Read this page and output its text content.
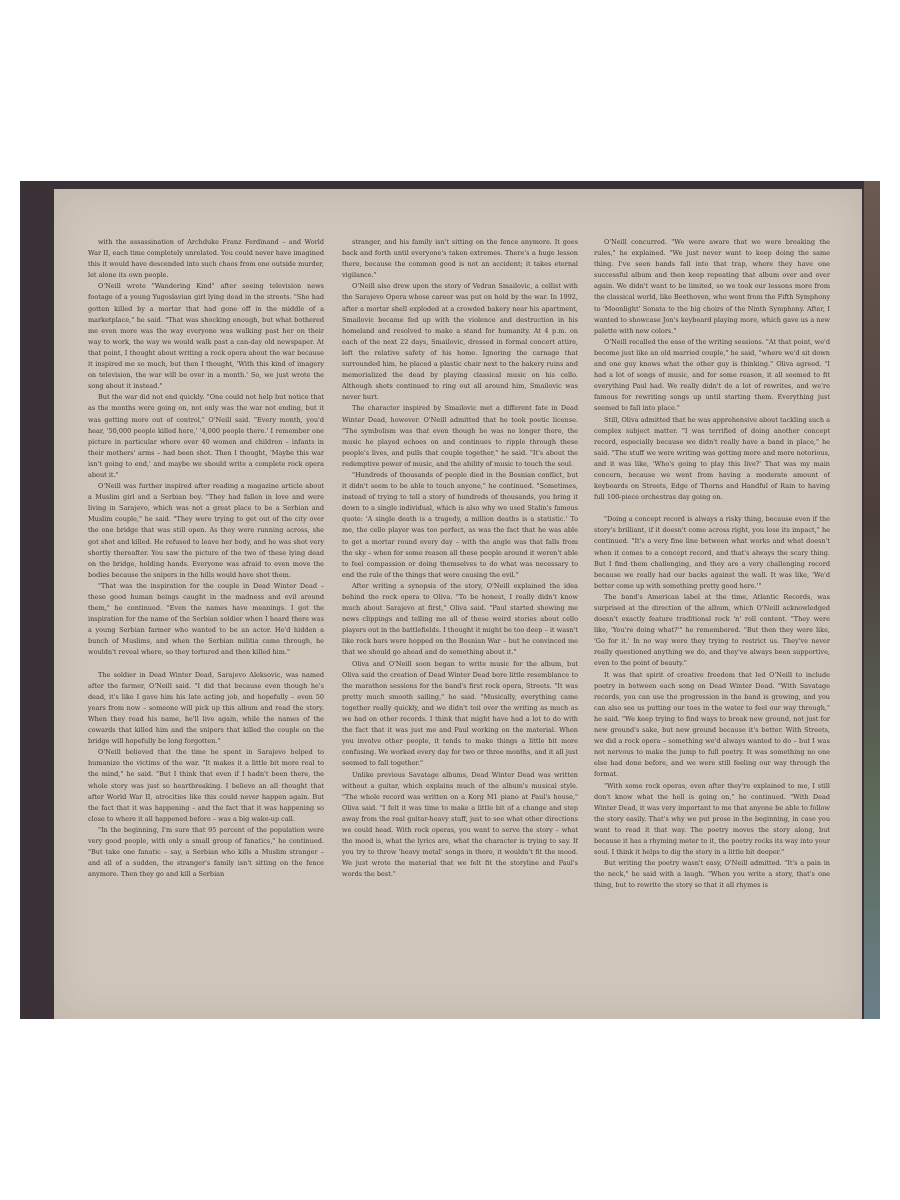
with the assassination of Archduke Franz Ferdinand – and World War II, each time completely unrelated. You could never have imagined this it would have descended into such chaos from one outside murder, let alone its own people.

O'Neill wrote "Wandering Kind" after seeing television news footage of a young Yugoslavian girl lying dead in the streets. "She had gotten killed by a mortar that had gone off in the middle of a marketplace," he said. "That was shocking enough, but what bothered me even more was the way everyone was walking past her on their way to work, the way we would walk past a can-day old newspaper. At that point, I thought about writing a rock opera about the war because it inspired me so much, but then I thought, 'With this kind of imagery on television, the war will be over in a month.' So, we just wrote the song about it instead."

But the war did not end quickly. "One could not help but notice that as the months were going on, not only was the war not ending, but it was getting more out of control," O'Neill said. "Every month, you'd hear, '50,000 people killed here,' '4,000 people there.' I remember one picture in particular where over 40 women and children – infants in their mothers' arms – had been shot. Then I thought, 'Maybe this war isn't going to end,' and maybe we should write a complete rock opera about it."

O'Neill was further inspired after reading a magazine article about a Muslim girl and a Serbian boy. "They had fallen in love and were living in Sarajevo, which was not a great place to be a Serbian and Muslim couple," he said. "They were trying to get out of the city over the one bridge that was still open. As they were running across, she got shot and killed. He refused to leave her body, and he was shot very shortly thereafter. You saw the picture of the two of these lying dead on the bridge, holding hands. Everyone was afraid to even move the bodies because the snipers in the hills would have shot them.

"That was the inspiration for the couple in Dead Winter Dead – these good human beings caught in the madness and evil around them," he continued. "Even the names have meanings. I got the inspiration for the name of the Serbian soldier when I heard there was a young Serbian farmer who wanted to be an actor. He'd hidden a bunch of Muslims, and when the Serbian militia came through, he wouldn't reveal where, so they tortured and then killed him."

The soldier in Dead Winter Dead, Sarajevo Aleksovic, was named after the farmer, O'Neill said. "I did that because even though he's dead, it's like I gave him his late acting job, and hopefully – even 50 years from now – someone will pick up this album and read the story. When they read his name, he'll live again, while the names of the cowards that killed him and the snipers that killed the couple on the bridge will hopefully be long forgotten."

O'Neill believed that the time he spent in Sarajevo helped to humanize the victims of the war. "It makes it a little bit more real to the mind," he said. "But I think that even if I hadn't been there, the whole story was just so heartbreaking. I believe an all thought that after World War II, atrocities like this could never happen again. But the fact that it was happening – and the fact that it was happening so close to where it all happened before – was a big wake-up call.

"In the beginning, I'm sure that 95 percent of the population were very good people, with only a small group of fanatics," he continued. "But take one fanatic – say, a Serbian who kills a Muslim stranger – and all of a sudden, the stranger's family isn't sitting on the fence anymore. Then they go and kill a Serbian

stranger, and his family isn't sitting on the fence anymore. It goes back and forth until everyone's taken extremes. There's a huge lesson there, because the common good is not an accident; it takes eternal vigilance."

O'Neill also drew upon the story of Vedran Smailovic, a cellist with the Sarajevo Opera whose career was put on hold by the war. In 1992, after a mortar shell exploded at a crowded bakery near his apartment, Smailovic became fed up with the violence and destruction in his homeland and resolved to make a stand for humanity. At 4 p.m. on each of the next 22 days, Smailovic, dressed in formal concert attire, left the relative safety of his home. Ignoring the carnage that surrounded him, he placed a plastic chair next to the bakery ruins and memorialized the dead by playing classical music on his cello. Although shots continued to ring out all around him, Smailovic was never hurt.

The character inspired by Smailovic met a different fate in Dead Winter Dead, however. O'Neill admitted that he took poetic license. "The symbolism was that even though he was no longer there, the music he played echoes on and continues to ripple through these people's lives, and pulls that couple together," he said. "It's about the redemptive power of music, and the ability of music to touch the soul.

"Hundreds of thousands of people died in the Bosnian conflict, but it didn't seem to be able to touch anyone," he continued. "Sometimes, instead of trying to tell a story of hundreds of thousands, you bring it down to a single individual, which is also why we used Stalin's famous quote: 'A single death is a tragedy, a million deaths is a statistic.' To me, the cello player was too perfect, as was the fact that he was able to get a mortar round every day – with the angle was that falls from the sky – when for some reason all these people around it weren't able to feel compassion or doing themselves to do what was necessary to end the rule of the things that were causing the evil."

After writing a synopsis of the story, O'Neill explained the idea behind the rock opera to Oliva. "To be honest, I really didn't know much about Sarajevo at first," Oliva said. "Paul started showing me news clippings and telling me all of these weird stories about cello players out in the battlefields. I thought it might be too deep – it wasn't like rock bars were hopped on the Bosnian War – but he convinced me that we should go ahead and do something about it."

Oliva and O'Neill soon began to write music for the album, but Oliva said the creation of Dead Winter Dead bore little resemblance to the marathon sessions for the band's first rock opera, Streets. "It was pretty much smooth sailing," he said. "Musically, everything came together really quickly, and we didn't toil over the writing as much as we had on other records. I think that might have had a lot to do with the fact that it was just me and Paul working on the material. When you involve other people, it tends to make things a little bit more confusing. We worked every day for two or three months, and it all just seemed to fall together."

Unlike previous Savatage albums, Dead Winter Dead was written without a guitar, which explains much of the album's musical style. "The whole record was written on a Korg M1 piano at Paul's house," Oliva said. "I felt it was time to make a little bit of a change and step away from the real guitar-heavy stuff, just to see what other directions we could head. With rock operas, you want to serve the story – what the mood is, what the lyrics are, what the character is trying to say. If you try to throw 'heavy metal' songs in there, it wouldn't fit the mood. We just wrote the material that we felt fit the storyline and Paul's words the best."

O'Neill concurred. "We were aware that we were breaking the rules," he explained. "We just never want to keep doing the same thing. I've seen bands fall into that trap, where they have one successful album and then keep repeating that album over and over again. We didn't want to be limited, so we took our lessons more from the classical world, like Beethoven, who went from the Fifth Symphony to 'Moonlight' Sonata to the big choirs of the Ninth Symphony. After, I wanted to showcase Jon's keyboard playing more, which gave us a new palette with new colors."

O'Neill recalled the ease of the writing sessions. "At that point, we'd become just like an old married couple," he said, "where we'd sit down and one guy knows what the other guy is thinking." Oliva agreed. "I had a lot of songs of music, and for some reason, it all seemed to fit everything Paul had. We really didn't do a lot of rewrites, and we're famous for rewriting songs up until starting them. Everything just seemed to fall into place."

Still, Oliva admitted that he was apprehensive about tackling such a complex subject matter. "I was terrified of doing another concept record, especially because we didn't really have a band in place," he said. "The stuff we were writing was getting more and more notorious, and it was like, 'Who's going to play this live?' That was my main concern, because we went from having a moderate amount of keyboards on Streets, Edge of Thorns and Handful of Rain to having full 100-piece orchestras day going on.

"Doing a concept record is always a risky thing, because even if the story's brilliant, if it doesn't come across right, you lose its impact," he continued. "It's a very fine line between what works and what doesn't when it comes to a concept record, and that's always the scary thing. But I find them challenging, and they are a very challenging record because we really had our backs against the wall. It was like, 'We'd better come up with something pretty good here.'"

The band's American label at the time, Atlantic Records, was surprised at the direction of the album, which O'Neill acknowledged doesn't exactly feature traditional rock 'n' roll content. "They were like, 'You're doing what?'" he remembered. "But then they were like, 'Go for it.' In no way were they trying to restrict us. They've never really questioned anything we do, and they've always been supportive, even to the point of beauty."

It was that spirit of creative freedom that led O'Neill to include poetry in between each song on Dead Winter Dead. "With Savatage records, you can use the progression in the band is growing, and you can also see us putting our toes in the water to feel our way through," he said. "We keep trying to find ways to break new ground, not just for new ground's sake, but new ground because it's better. With Streets, we did a rock opera – something we'd always wanted to do – but I was not nervous to make the jump to full poetry. It was something no one else had done before, and we were still feeling our way through the format.

"With some rock operas, even after they're explained to me, I still don't know what the hell is going on," he continued. "With Dead Winter Dead, it was very important to me that anyone be able to follow the story easily. That's why we put prose in the beginning, in case you want to read it that way. The poetry moves the story along, but because it has a rhyming meter to it, the poetry rocks its way into your soul. I think it helps to dig the story in a little bit deeper."

But writing the poetry wasn't easy, O'Neill admitted. "It's a pain in the neck," he said with a laugh. "When you write a story, that's one thing, but to rewrite the story so that it all rhymes is
